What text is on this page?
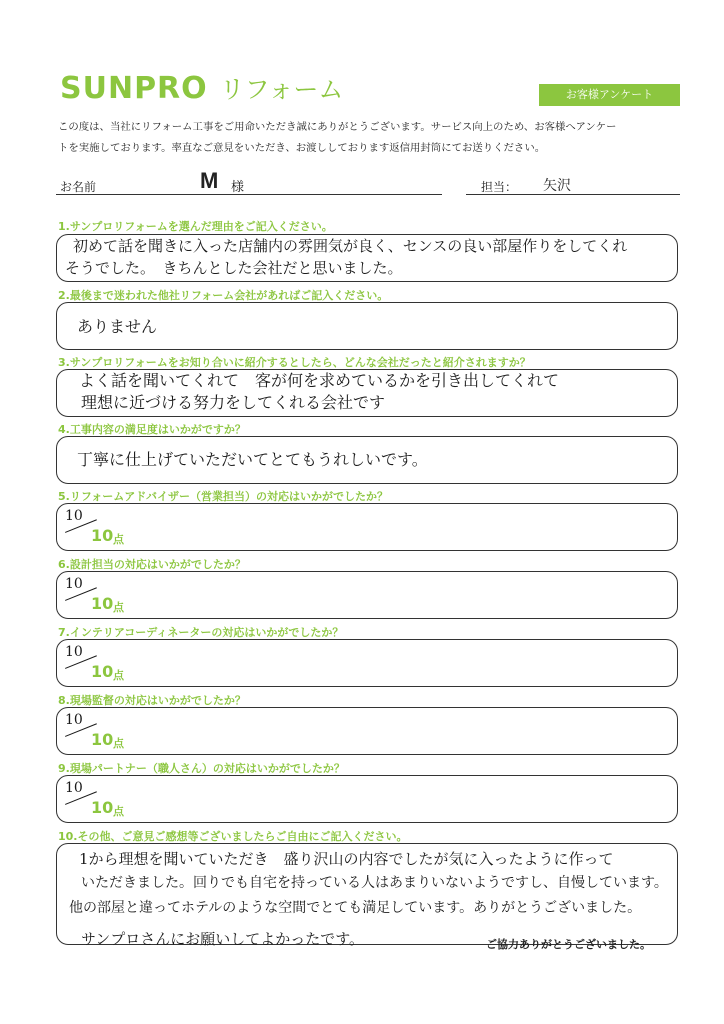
SUNPRO リフォーム	お客様アンケート
この度は、当社にリフォーム工事をご用命いただき誠にありがとうございます。サービス向上のため、お客様へアンケー
トを実施しております。率直なご意見をいただき、お渡ししております返信用封筒にてお送りください。
お名前	M 様	担当： 矢沢
1.サンプロリフォームを選んだ理由をご記入ください。
初めて話を聞きに入った店舗内の雰囲気が良く、センスの良い部屋作りをしてくれ
そうでした。　きちんとした会社だと思いました。
2.最後まで迷われた他社リフォーム会社があればご記入ください。
ありません
3.サンプロリフォームをお知り合いに紹介するとしたら、どんな会社だったと紹介されますか？
よく話を聞いてくれて　客が何を求めているかを引き出してくれて
理想に近づける努力をしてくれる会社です
4.工事内容の満足度はいかがですか？
丁寧に仕上げていただいてとてもうれしいです。
5.リフォームアドバイザー（営業担当）の対応はいかがでしたか？
10
10 点
6.設計担当の対応はいかがでしたか？
10
10 点
7.インテリアコーディネーターの対応はいかがでしたか？
10
10 点
8.現場監督の対応はいかがでしたか？
10
10 点
9.現場パートナー（職人さん）の対応はいかがでしたか？
10
10 点
10.その他、ご意見ご感想等ございましたらご自由にご記入ください。
1から理想を聞いていただき　盛り沢山の内容でしたが気に入ったように作って
いただきました。回りでも自宅を持っている人はあまりいないようですし、自慢しています。
他の部屋と違ってホテルのような空間でとても満足しています。ありがとうございました。
サンプロさんにお願いしてよかったです。	ご協力ありがとうございました。
